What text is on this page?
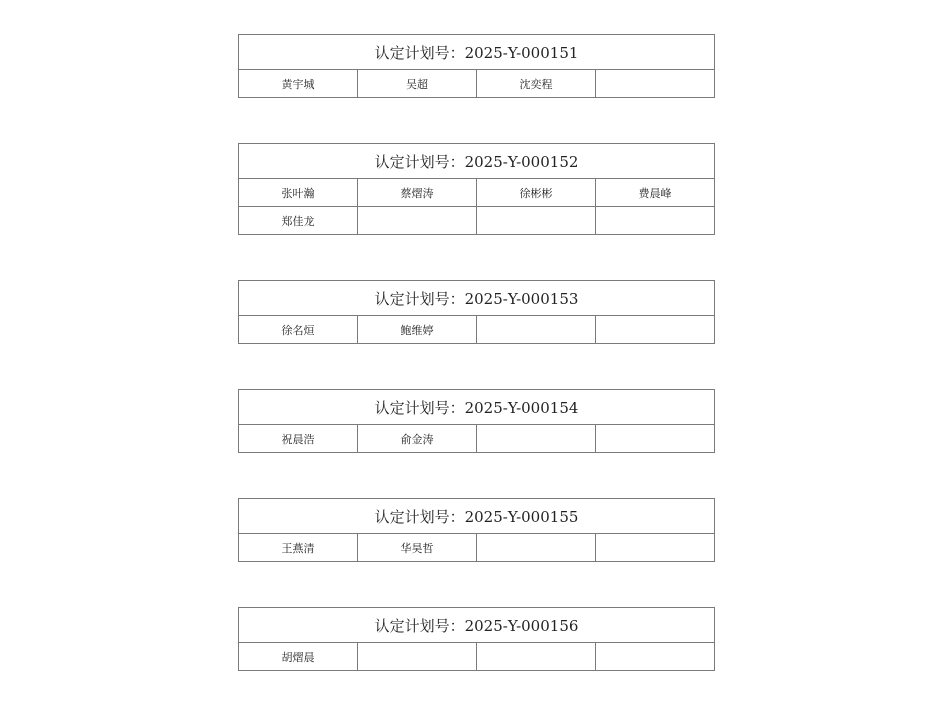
认定计划号：2025-Y-000151
黄宇城	吴超	沈奕程	
认定计划号：2025-Y-000152			
张叶瀚	蔡熠涛	徐彬彬	费晨峰
郑佳龙			
认定计划号：2025-Y-000153
徐名烜	鲍维婷		
认定计划号：2025-Y-000154
祝晨浩	俞金涛		
认定计划号：2025-Y-000155
王燕清	华昊哲		
认定计划号：2025-Y-000156
胡熠晨			
